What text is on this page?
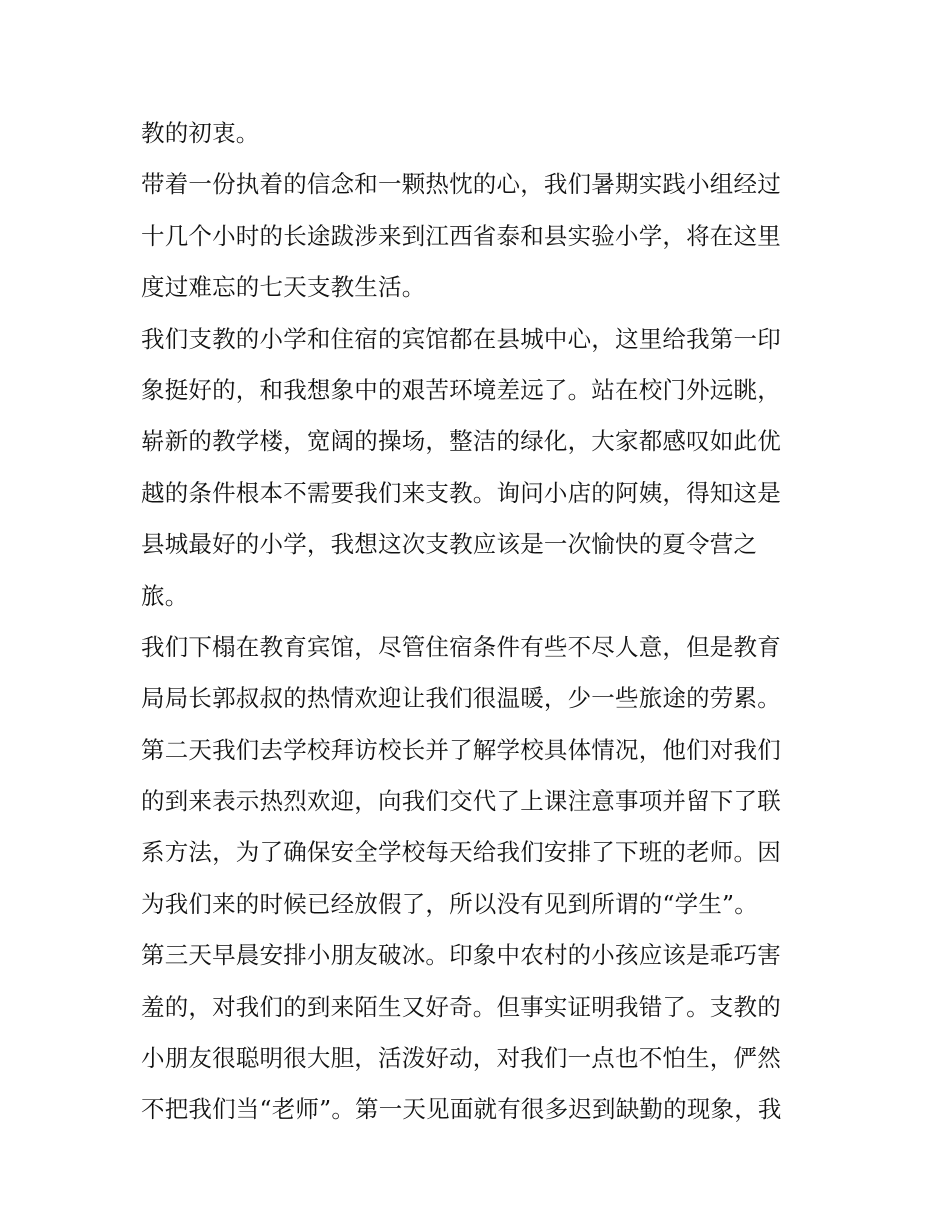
教的初衷。
带着一份执着的信念和一颗热忱的心，我们暑期实践小组经过
十几个小时的长途跋涉来到江西省泰和县实验小学，将在这里
度过难忘的七天支教生活。
我们支教的小学和住宿的宾馆都在县城中心，这里给我第一印
象挺好的，和我想象中的艰苦环境差远了。站在校门外远眺，
崭新的教学楼，宽阔的操场，整洁的绿化，大家都感叹如此优
越的条件根本不需要我们来支教。询问小店的阿姨，得知这是
县城最好的小学，我想这次支教应该是一次愉快的夏令营之
旅。
我们下榻在教育宾馆，尽管住宿条件有些不尽人意，但是教育
局局长郭叔叔的热情欢迎让我们很温暖，少一些旅途的劳累。
第二天我们去学校拜访校长并了解学校具体情况，他们对我们
的到来表示热烈欢迎，向我们交代了上课注意事项并留下了联
系方法，为了确保安全学校每天给我们安排了下班的老师。因
为我们来的时候已经放假了，所以没有见到所谓的“学生”。
第三天早晨安排小朋友破冰。印象中农村的小孩应该是乖巧害
羞的，对我们的到来陌生又好奇。但事实证明我错了。支教的
小朋友很聪明很大胆，活泼好动，对我们一点也不怕生，俨然
不把我们当“老师”。第一天见面就有很多迟到缺勤的现象，我
